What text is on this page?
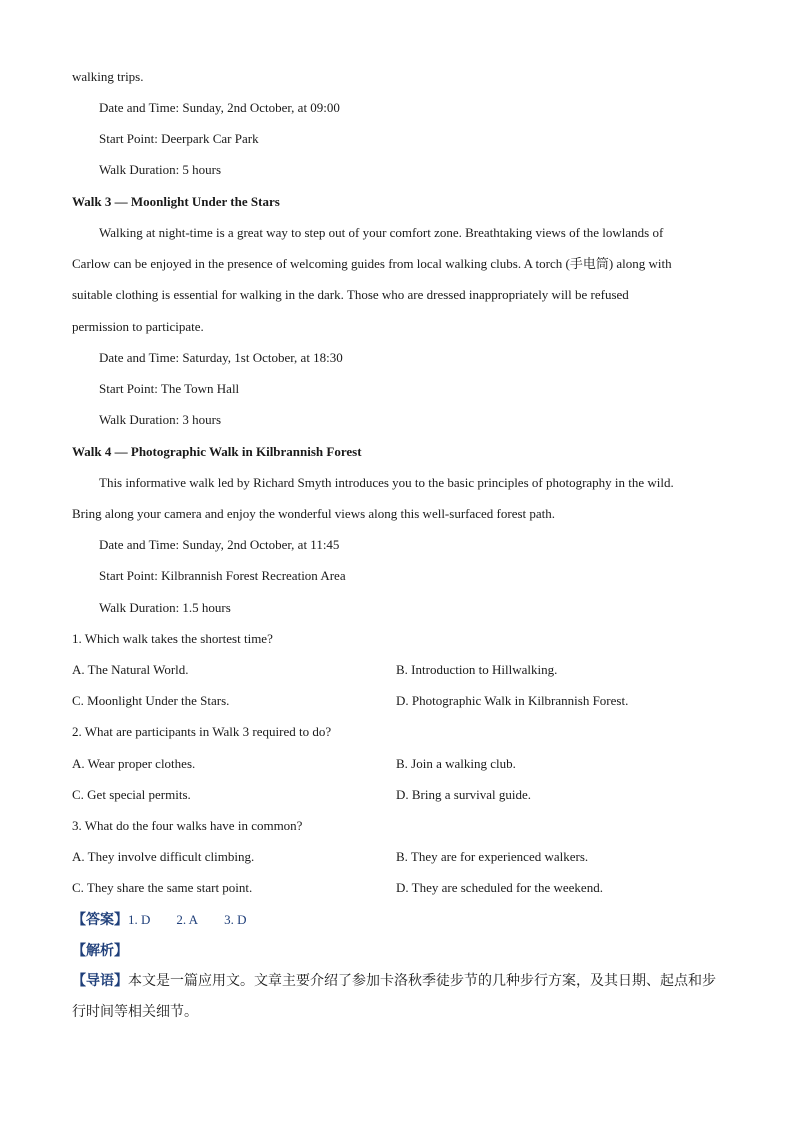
walking trips.
Date and Time: Sunday, 2nd October, at 09:00
Start Point: Deerpark Car Park
Walk Duration: 5 hours
Walk 3 — Moonlight Under the Stars
Walking at night-time is a great way to step out of your comfort zone. Breathtaking views of the lowlands of
Carlow can be enjoyed in the presence of welcoming guides from local walking clubs. A torch (手电筒) along with
suitable clothing is essential for walking in the dark. Those who are dressed inappropriately will be refused
permission to participate.
Date and Time: Saturday, 1st October, at 18:30
Start Point: The Town Hall
Walk Duration: 3 hours
Walk 4 — Photographic Walk in Kilbrannish Forest
This informative walk led by Richard Smyth introduces you to the basic principles of photography in the wild.
Bring along your camera and enjoy the wonderful views along this well-surfaced forest path.
Date and Time: Sunday, 2nd October, at 11:45
Start Point: Kilbrannish Forest Recreation Area
Walk Duration: 1.5 hours
1. Which walk takes the shortest time?
A. The Natural World.	B. Introduction to Hillwalking.
C. Moonlight Under the Stars.	D. Photographic Walk in Kilbrannish Forest.
2. What are participants in Walk 3 required to do?
A. Wear proper clothes.	B. Join a walking club.
C. Get special permits.	D. Bring a survival guide.
3. What do the four walks have in common?
A. They involve difficult climbing.	B. They are for experienced walkers.
C. They share the same start point.	D. They are scheduled for the weekend.
【答案】1. D 2. A 3. D
【解析】
【导语】本文是一篇应用文。文章主要介绍了参加卡洛秋季徒步节的几种步行方案，及其日期、起点和步
行时间等相关细节。
